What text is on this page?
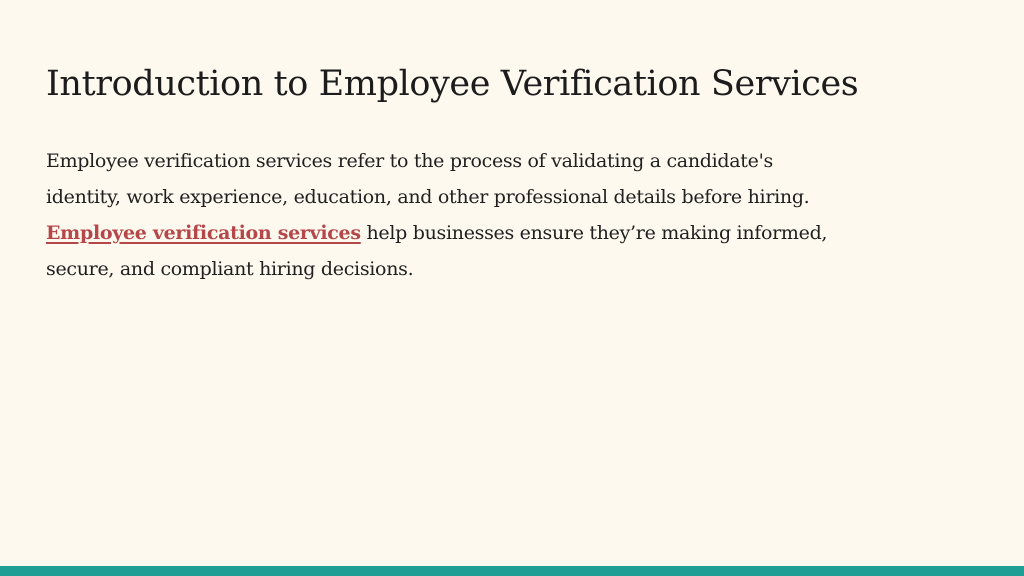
Introduction to Employee Verification Services

Employee verification services refer to the process of validating a candidate's
identity, work experience, education, and other professional details before hiring.
Employee verification services help businesses ensure they’re making informed,
secure, and compliant hiring decisions.
